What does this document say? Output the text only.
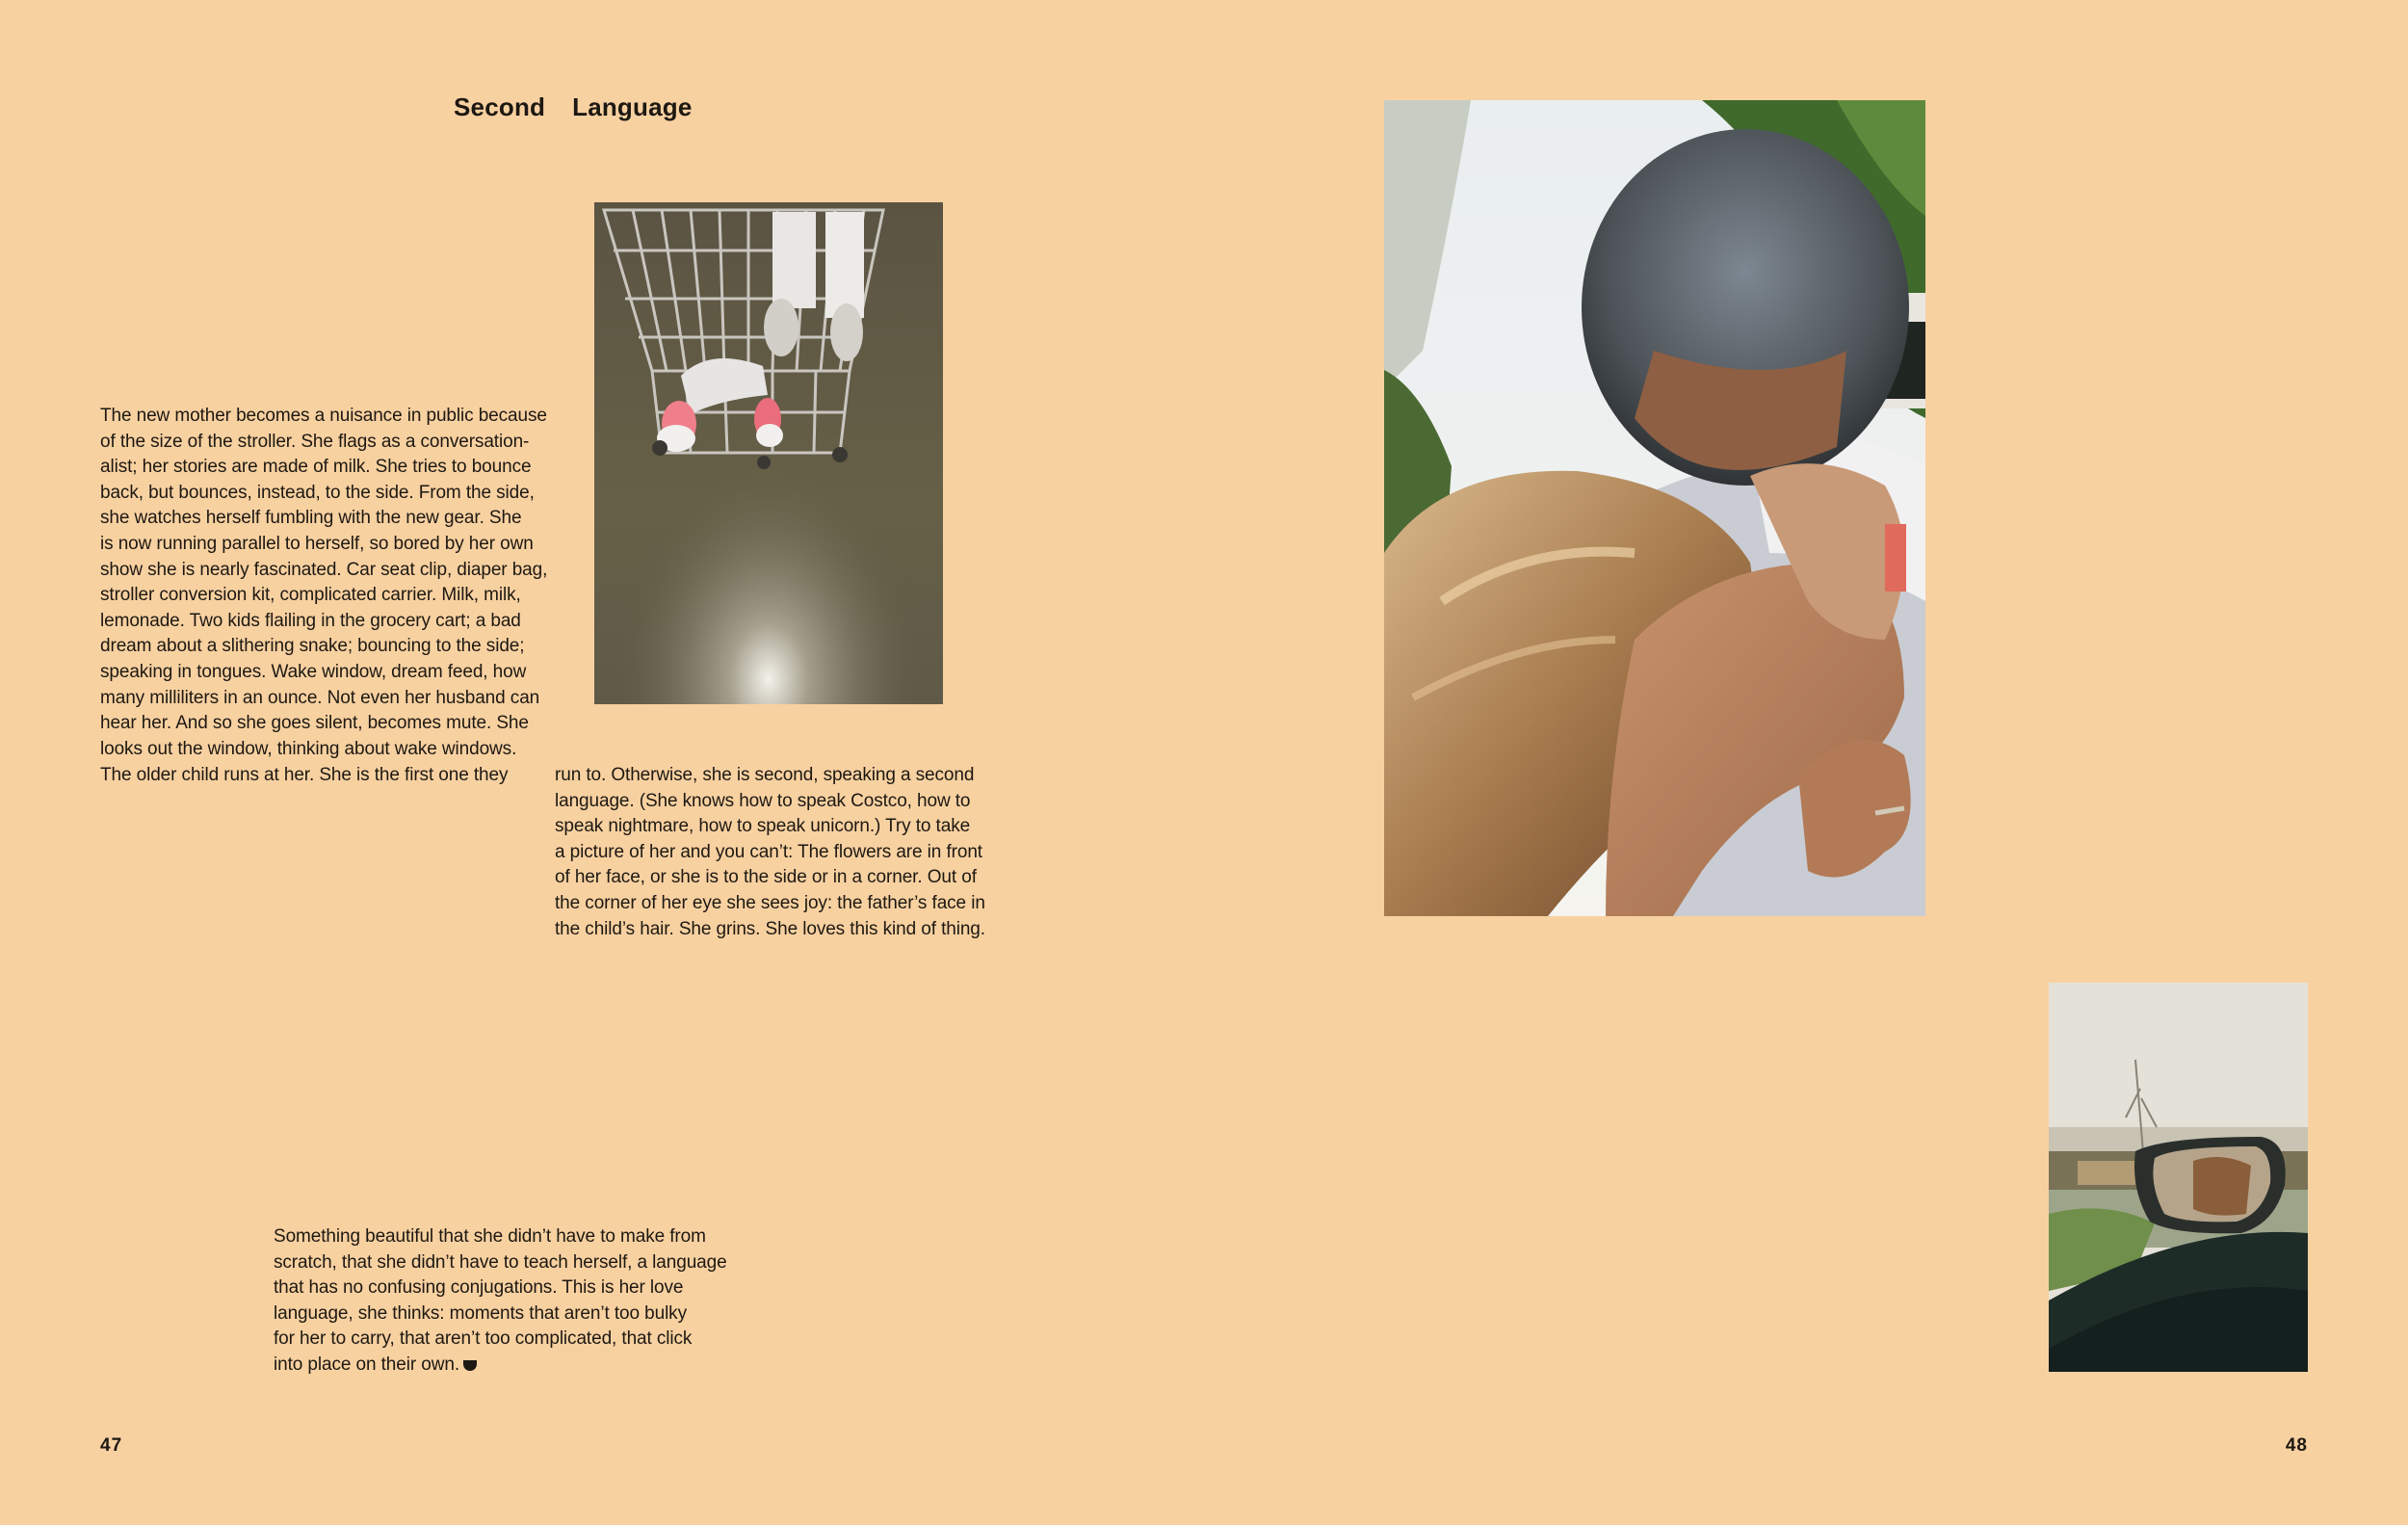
Second Language
The new mother becomes a nuisance in public because
of the size of the stroller. She flags as a conversation-
alist; her stories are made of milk. She tries to bounce
back, but bounces, instead, to the side. From the side,
she watches herself fumbling with the new gear. She
is now running parallel to herself, so bored by her own
show she is nearly fascinated. Car seat clip, diaper bag,
stroller conversion kit, complicated carrier. Milk, milk,
lemonade. Two kids flailing in the grocery cart; a bad
dream about a slithering snake; bouncing to the side;
speaking in tongues. Wake window, dream feed, how
many milliliters in an ounce. Not even her husband can
hear her. And so she goes silent, becomes mute. She
looks out the window, thinking about wake windows.
The older child runs at her. She is the first one they	run to. Otherwise, she is second, speaking a second
language. (She knows how to speak Costco, how to
speak nightmare, how to speak unicorn.) Try to take
a picture of her and you can’t: The flowers are in front
of her face, or she is to the side or in a corner. Out of
the corner of her eye she sees joy: the father’s face in
the child’s hair. She grins. She loves this kind of thing.
Something beautiful that she didn’t have to make from
scratch, that she didn’t have to teach herself, a language
that has no confusing conjugations. This is her love
language, she thinks: moments that aren’t too bulky
for her to carry, that aren’t too complicated, that click
into place on their own.
47	48
